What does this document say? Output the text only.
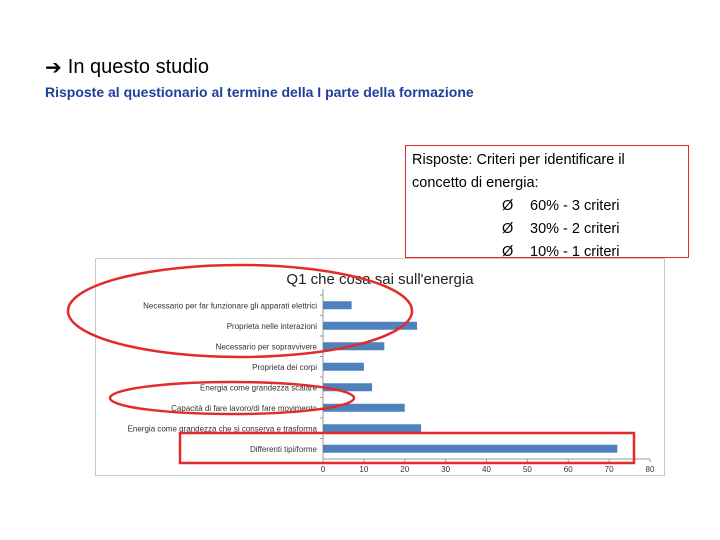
➔ In questo studio
Risposte al questionario al termine della I parte della formazione
Risposte: Criteri per identificare il
concetto di energia:
Ø 60% - 3 criteri
Ø 30% - 2 criteri
Ø 10% - 1 criteri
Q1 che cosa sai sull'energia
Necessario per far funzionare gli apparati elettrici
Proprieta nelle interazioni
Necessario per sopravvivere
Proprieta dei corpi
Energia come grandezza scalare
Capacità di fare lavoro/di fare movimento
Energia come grandezza che si conserva e trasforma
Differenti tipi/forme
0	10	20	30	40	50	60	70	80
